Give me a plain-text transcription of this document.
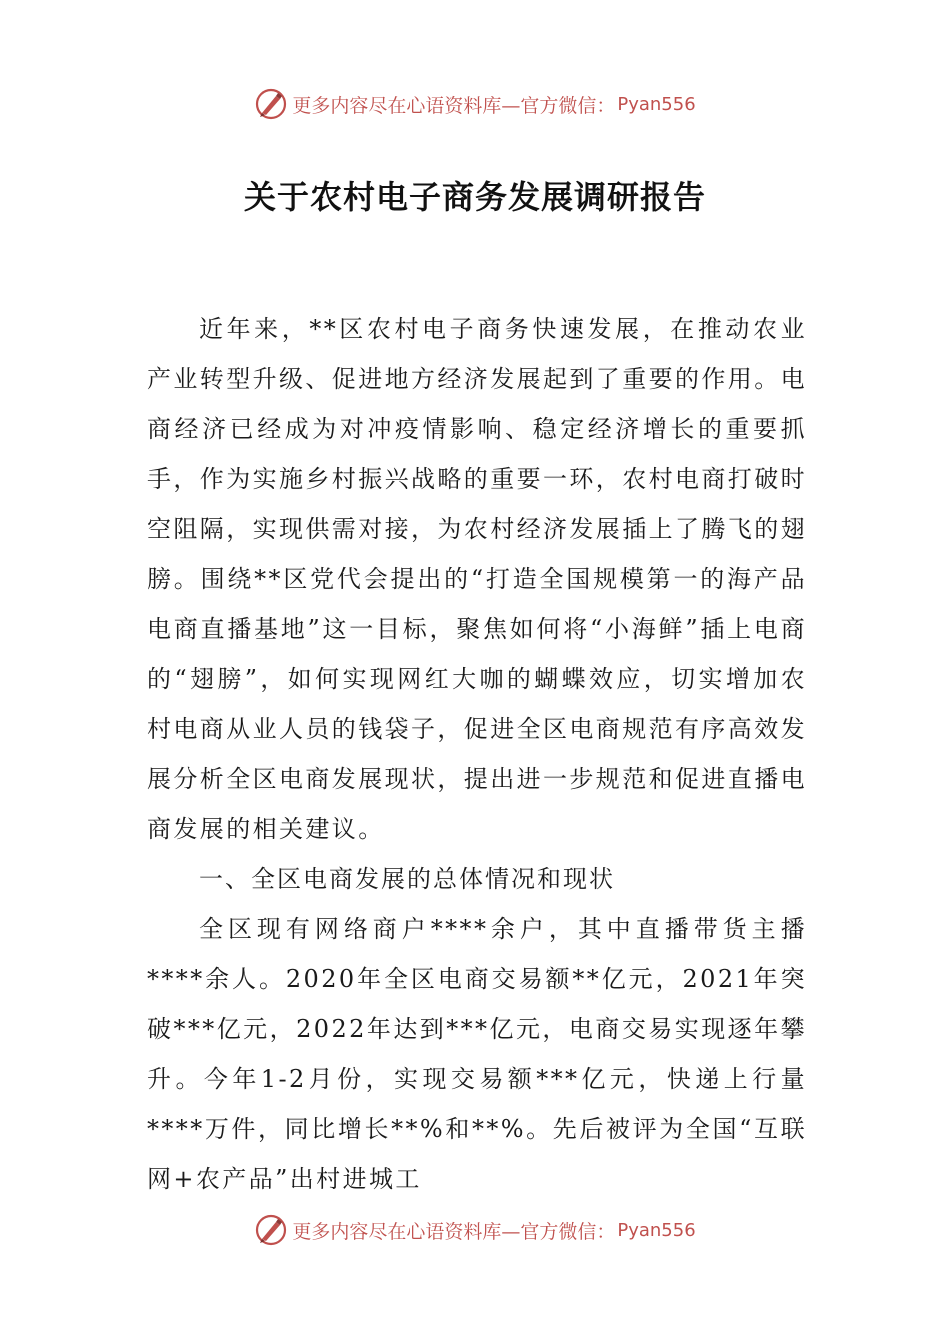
更多内容尽在心语资料库— 官方微信： Pyan556
关于农村电子商务发展调研报告

近年来，**区农村电子商务快速发展，在推动农业产业转型升级、促进地方经济发展起到了重要的作用。电商经济已经成为对冲疫情影响、稳定经济增长的重要抓手，作为实施乡村振兴战略的重要一环，农村电商打破时空阻隔，实现供需对接，为农村经济发展插上了腾飞的翅膀。围绕**区党代会提出的“打造全国规模第一的海产品电商直播基地”这一目标，聚焦如何将“小海鲜”插上电商的“翅膀”，如何实现网红大咖的蝴蝶效应，切实增加农村电商从业人员的钱袋子，促进全区电商规范有序高效发展分析全区电商发展现状，提出进一步规范和促进直播电商发展的相关建议。

一、全区电商发展的总体情况和现状

全区现有网络商户****余户，其中直播带货主播****余人。2020年全区电商交易额**亿元，2021年突破***亿元，2022年达到***亿元，电商交易实现逐年攀升。今年1-2月份，实现交易额***亿元，快递上行量****万件，同比增长**%和**%。先后被评为全国“互联网+农产品”出村进城工

更多内容尽在心语资料库— 官方微信： Pyan556
